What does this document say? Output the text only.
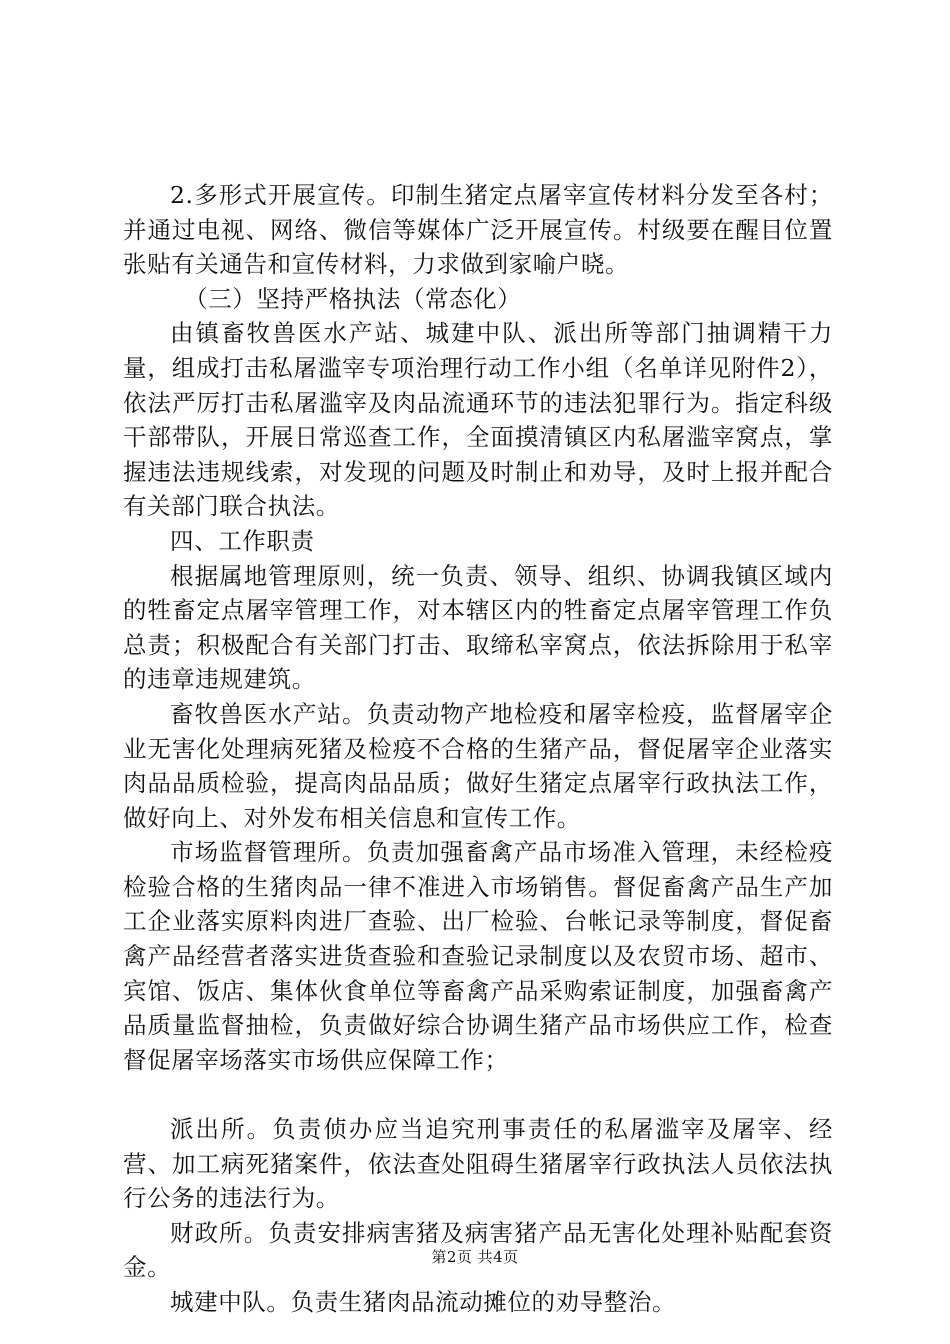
2.多形式开展宣传。印制生猪定点屠宰宣传材料分发至各村；并通过电视、网络、微信等媒体广泛开展宣传。村级要在醒目位置张贴有关通告和宣传材料，力求做到家喻户晓。

（三）坚持严格执法（常态化）

由镇畜牧兽医水产站、城建中队、派出所等部门抽调精干力量，组成打击私屠滥宰专项治理行动工作小组（名单详见附件2），依法严厉打击私屠滥宰及肉品流通环节的违法犯罪行为。指定科级干部带队，开展日常巡查工作，全面摸清镇区内私屠滥宰窝点，掌握违法违规线索，对发现的问题及时制止和劝导，及时上报并配合有关部门联合执法。

四、工作职责

根据属地管理原则，统一负责、领导、组织、协调我镇区域内的牲畜定点屠宰管理工作，对本辖区内的牲畜定点屠宰管理工作负总责；积极配合有关部门打击、取缔私宰窝点，依法拆除用于私宰的违章违规建筑。

畜牧兽医水产站。负责动物产地检疫和屠宰检疫，监督屠宰企业无害化处理病死猪及检疫不合格的生猪产品，督促屠宰企业落实肉品品质检验，提高肉品品质；做好生猪定点屠宰行政执法工作，做好向上、对外发布相关信息和宣传工作。

市场监督管理所。负责加强畜禽产品市场准入管理，未经检疫检验合格的生猪肉品一律不准进入市场销售。督促畜禽产品生产加工企业落实原料肉进厂查验、出厂检验、台帐记录等制度，督促畜禽产品经营者落实进货查验和查验记录制度以及农贸市场、超市、宾馆、饭店、集体伙食单位等畜禽产品采购索证制度，加强畜禽产品质量监督抽检，负责做好综合协调生猪产品市场供应工作，检查督促屠宰场落实市场供应保障工作；

派出所。负责侦办应当追究刑事责任的私屠滥宰及屠宰、经营、加工病死猪案件，依法查处阻碍生猪屠宰行政执法人员依法执行公务的违法行为。

财政所。负责安排病害猪及病害猪产品无害化处理补贴配套资金。

城建中队。负责生猪肉品流动摊位的劝导整治。

第2页 共4页
